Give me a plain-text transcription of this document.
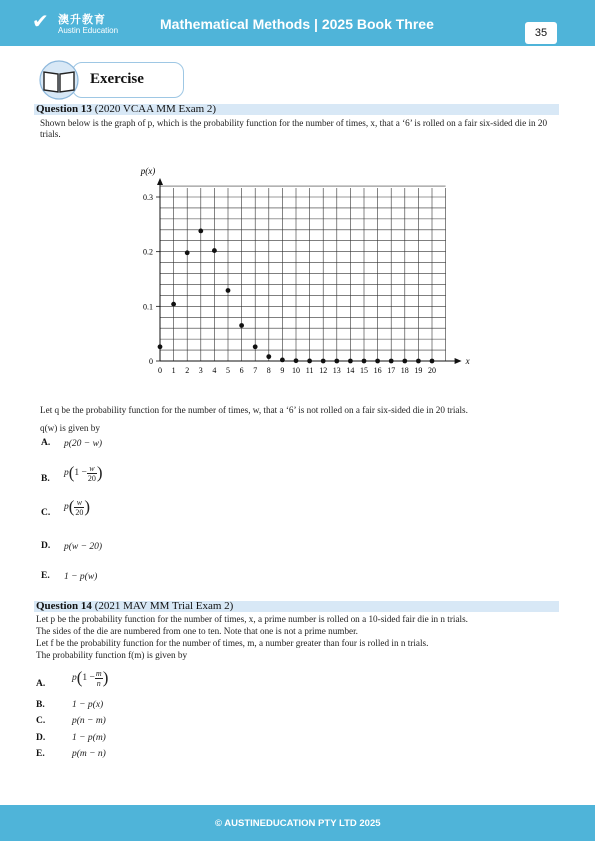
✔ 澳升教育
Austin Education	Mathematical Methods | 2025 Book Three
35
Exercise
Question 13 (2020 VCAA MM Exam 2)
Shown below is the graph of p, which is the probability function for the number of times, x, that a ‘6’ is rolled on a fair six-sided die in 20 trials.
p(x)
x
0
0.1
0.2
0.3
0 1 2 3 4 5 6 7 8 9 10 11 12 13 14 15 16 17 18 19 20
Let q be the probability function for the number of times, w, that a ‘6’ is not rolled on a fair six-sided die in 20 trials.
q(w) is given by
A. p(20 − w)
B.
$p(1 - \frac{w}{20}$ )
C.
$p( \frac{w}{20}$ )
D. p(w − 20)
E. 1 − p(w)
Question 14 (2021 MAV MM Trial Exam 2)
Let p be the probability function for the number of times, x, a prime number is rolled on a 10-sided fair die in n trials.
The sides of the die are numbered from one to ten. Note that one is not a prime number.
Let f be the probability function for the number of times, m, a number greater than four is rolled in n trials.
The probability function f(m) is given by
A.
$p(1 - \frac{m}{n}$ )
B.	1 − p(x)
C.	p(n − m)
D.	1 − p(m)
E.	p(m − n)
© AUSTINEDUCATION PTY LTD 2025
